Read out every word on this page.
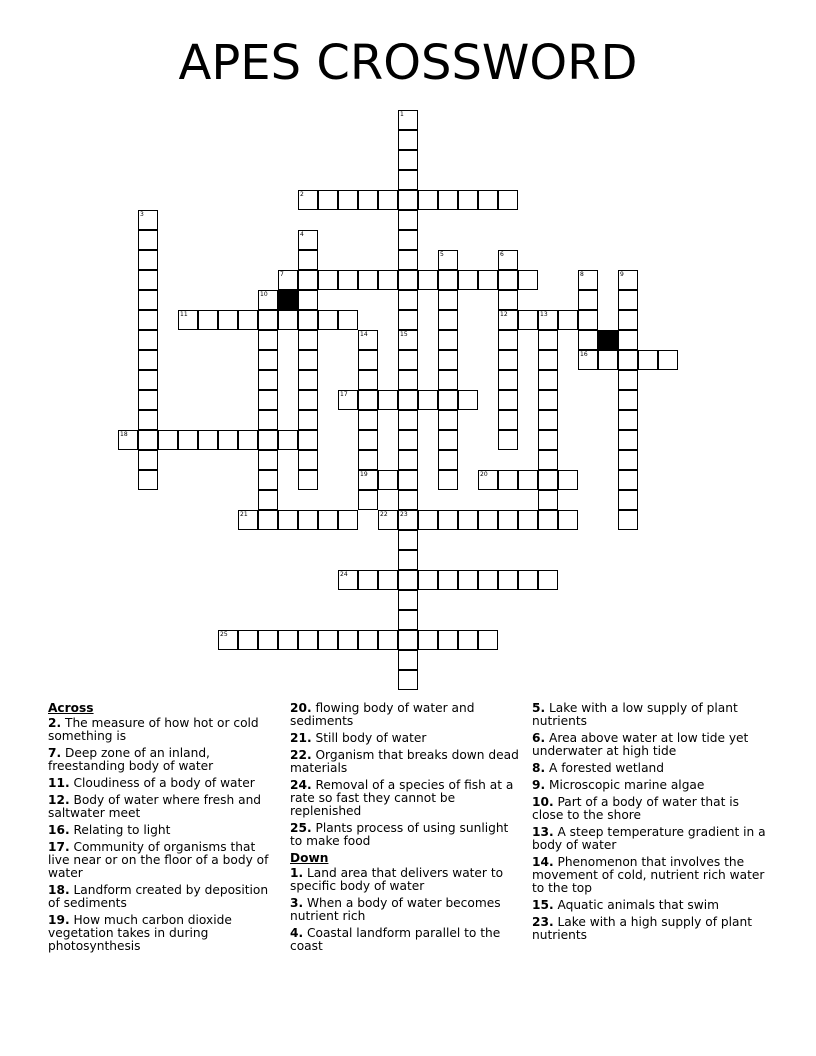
APES CROSSWORD
2
7
11	12	13
16
17
18
19	20
21	22 23
24
25
1
15
3
4
5	6
8	9
10
14
Across
2. The measure of how hot or cold something is
7. Deep zone of an inland, freestanding body of water
11. Cloudiness of a body of water
12. Body of water where fresh and saltwater meet
16. Relating to light
17. Community of organisms that live near or on the floor of a body of water
18. Landform created by deposition of sediments
19. How much carbon dioxide vegetation takes in during photosynthesis
20. flowing body of water and sediments
21. Still body of water
22. Organism that breaks down dead materials
24. Removal of a species of fish at a rate so fast they cannot be replenished
25. Plants process of using sunlight to make food
Down
1. Land area that delivers water to specific body of water
3. When a body of water becomes nutrient rich
4. Coastal landform parallel to the coast
5. Lake with a low supply of plant nutrients
6. Area above water at low tide yet underwater at high tide
8. A forested wetland
9. Microscopic marine algae
10. Part of a body of water that is close to the shore
13. A steep temperature gradient in a body of water
14. Phenomenon that involves the movement of cold, nutrient rich water to the top
15. Aquatic animals that swim
23. Lake with a high supply of plant nutrients
